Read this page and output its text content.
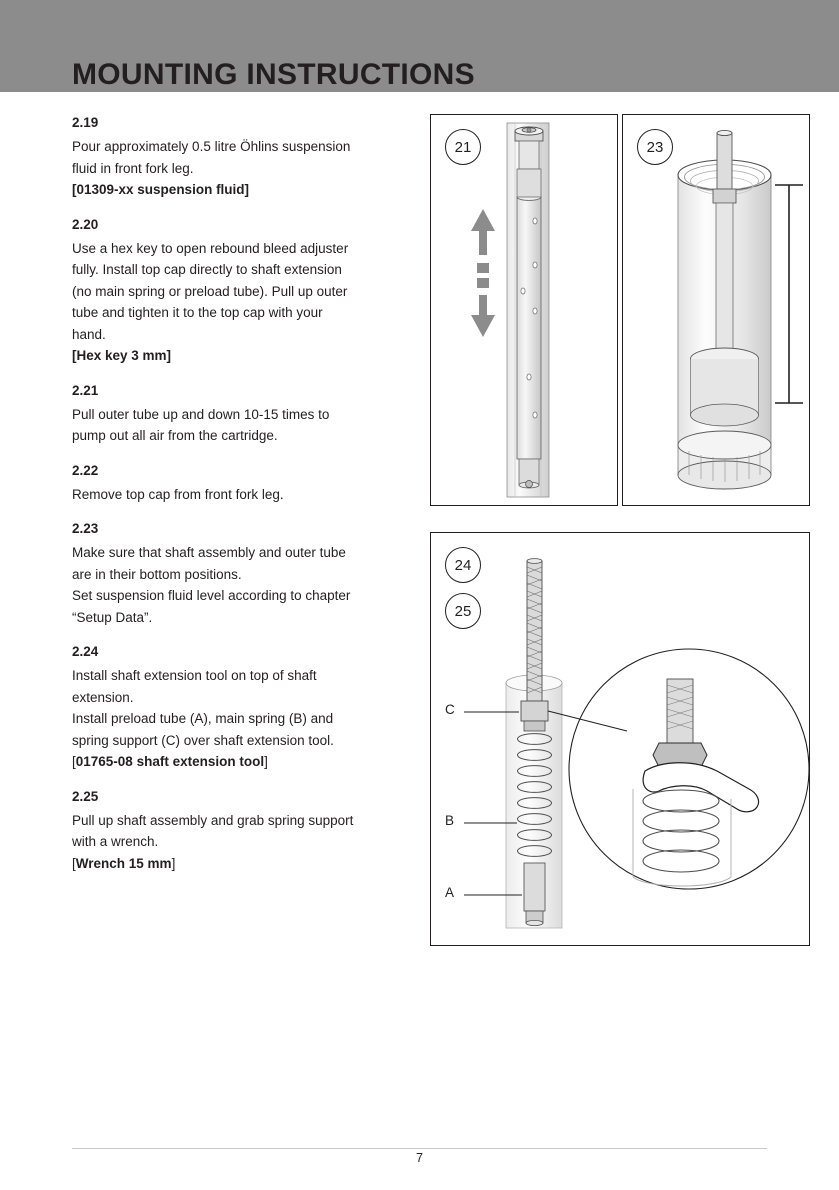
MOUNTING INSTRUCTIONS
2.19

Pour approximately 0.5 litre Öhlins suspension

fluid in front fork leg.

[01309-xx suspension fluid]

2.20

Use a hex key to open rebound bleed adjuster

fully. Install top cap directly to shaft extension

(no main spring or preload tube). Pull up outer

tube and tighten it to the top cap with your

hand.

[Hex key 3 mm]

2.21

Pull outer tube up and down 10-15 times to

pump out all air from the cartridge.

2.22

Remove top cap from front fork leg.

2.23

Make sure that shaft assembly and outer tube

are in their bottom positions.

Set suspension fluid level according to chapter

“Setup Data”.

2.24

Install shaft extension tool on top of shaft

extension.

Install preload tube (A), main spring (B) and

spring support (C) over shaft extension tool.

[01765-08 shaft extension tool]

2.25

Pull up shaft assembly and grab spring support

with a wrench.

[Wrench 15 mm]

21	23
24
25
C
B
A
7
